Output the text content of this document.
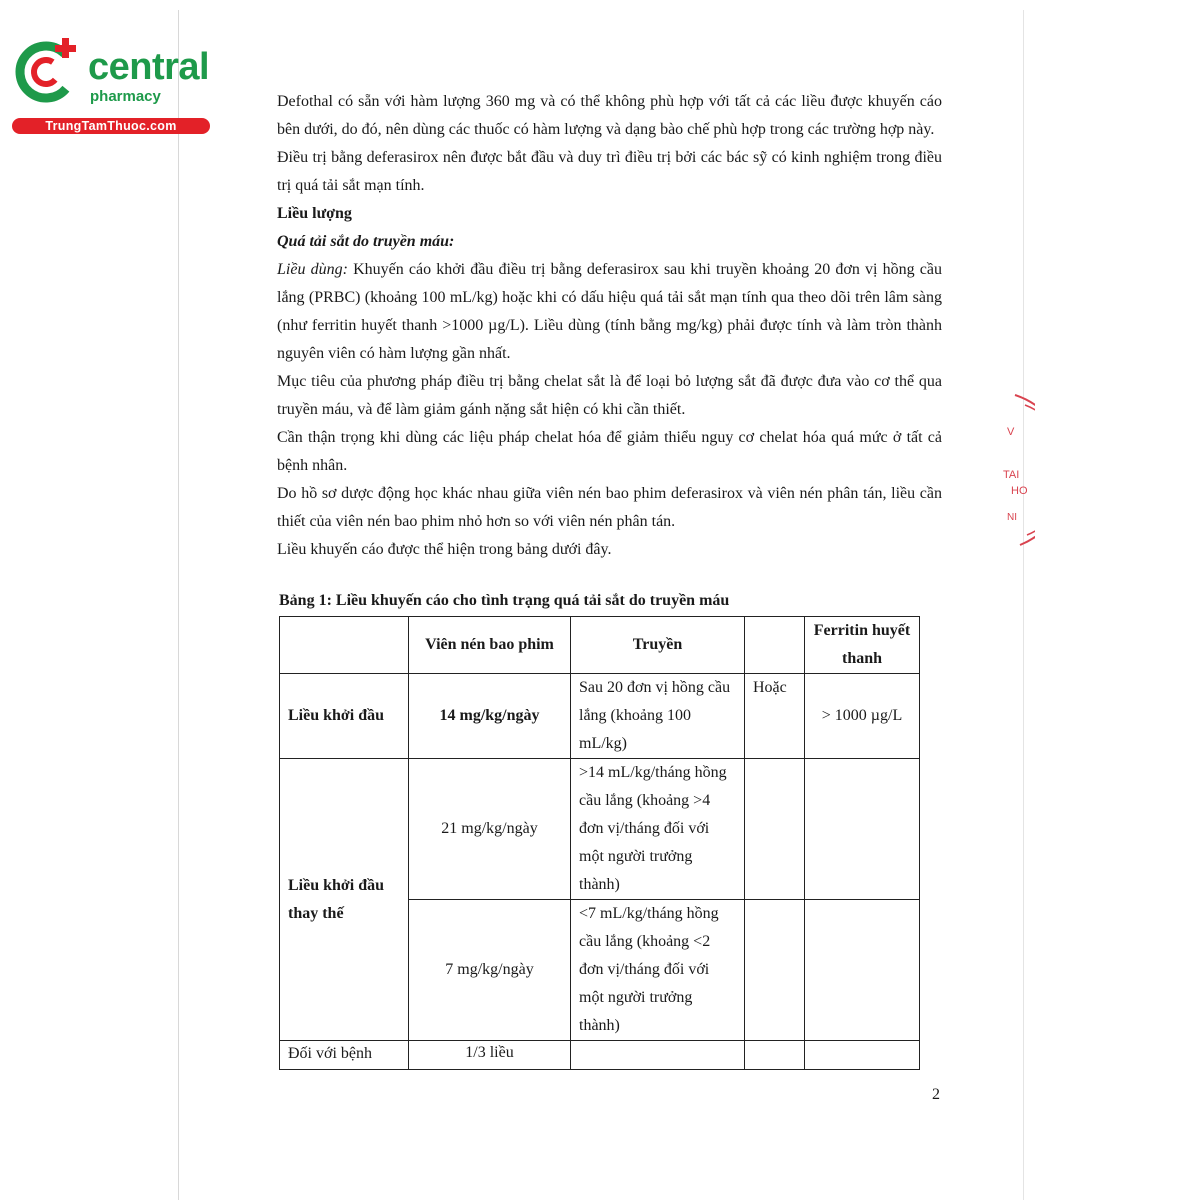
central
pharmacy
TrungTamThuoc.com
V
TAI
HO
NI

Defothal có sẵn với hàm lượng 360 mg và có thể không phù hợp với tất cả các liều được khuyến cáo bên dưới, do đó, nên dùng các thuốc có hàm lượng và dạng bào chế phù hợp trong các trường hợp này.

Điều trị bằng deferasirox nên được bắt đầu và duy trì điều trị bởi các bác sỹ có kinh nghiệm trong điều trị quá tải sắt mạn tính.

Liều lượng

Quá tải sắt do truyền máu:

Liều dùng: Khuyến cáo khởi đầu điều trị bằng deferasirox sau khi truyền khoảng 20 đơn vị hồng cầu lắng (PRBC) (khoảng 100 mL/kg) hoặc khi có dấu hiệu quá tải sắt mạn tính qua theo dõi trên lâm sàng (như ferritin huyết thanh >1000 µg/L). Liều dùng (tính bằng mg/kg) phải được tính và làm tròn thành nguyên viên có hàm lượng gần nhất.

Mục tiêu của phương pháp điều trị bằng chelat sắt là để loại bỏ lượng sắt đã được đưa vào cơ thể qua truyền máu, và để làm giảm gánh nặng sắt hiện có khi cần thiết.

Cần thận trọng khi dùng các liệu pháp chelat hóa để giảm thiểu nguy cơ chelat hóa quá mức ở tất cả bệnh nhân.

Do hồ sơ dược động học khác nhau giữa viên nén bao phim deferasirox và viên nén phân tán, liều cần thiết của viên nén bao phim nhỏ hơn so với viên nén phân tán.

Liều khuyến cáo được thể hiện trong bảng dưới đây.

Bảng 1: Liều khuyến cáo cho tình trạng quá tải sắt do truyền máu
	Viên nén bao phim	Truyền		Ferritin huyết thanh
Liều khởi đầu	14 mg/kg/ngày	Sau 20 đơn vị hồng cầu lắng (khoảng 100 mL/kg)	Hoặc	> 1000 µg/L
Liều khởi đầu thay thế	21 mg/kg/ngày	>14 mL/kg/tháng hồng cầu lắng (khoảng >4 đơn vị/tháng đối với một người trưởng thành)		
	7 mg/kg/ngày	<7 mL/kg/tháng hồng cầu lắng (khoảng <2 đơn vị/tháng đối với một người trưởng thành)		
Đối với bệnh	1/3 liều			
2
